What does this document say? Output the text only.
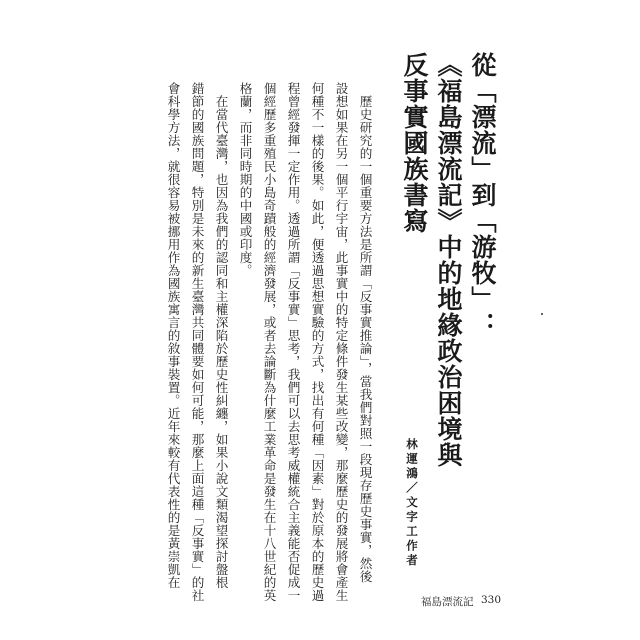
從「漂流」到「游牧」：
《福島漂流記》中的地緣政治困境與
反事實國族書寫
林運鴻／文字工作者
　歷史研究的一個重要方法是所謂「反事實推論」，當我們對照一段現存歷史事實，然後
設想如果在另一個平行宇宙，此事實中的特定條件發生某些改變，那麼歷史的發展將會產生
何種不一樣的後果。如此，便透過思想實驗的方式，找出有何種「因素」對於原本的歷史過
程曾經發揮一定作用。透過所謂「反事實」思考，我們可以去思考威權統合主義能否促成一
個經歷多重殖民小島奇蹟般的經濟發展，或者去論斷為什麼工業革命是發生在十八世紀的英
格蘭，而非同時期的中國或印度。
　在當代臺灣，也因為我們的認同和主權深陷於歷史性糾纏，如果小說文類渴望探討盤根
錯節的國族問題，特別是未來的新生臺灣共同體要如何可能，那麼上面這種「反事實」的社
會科學方法，就很容易被挪用作為國族寓言的敘事裝置。近年來較有代表性的是黃崇凱在
福島漂流記 330
